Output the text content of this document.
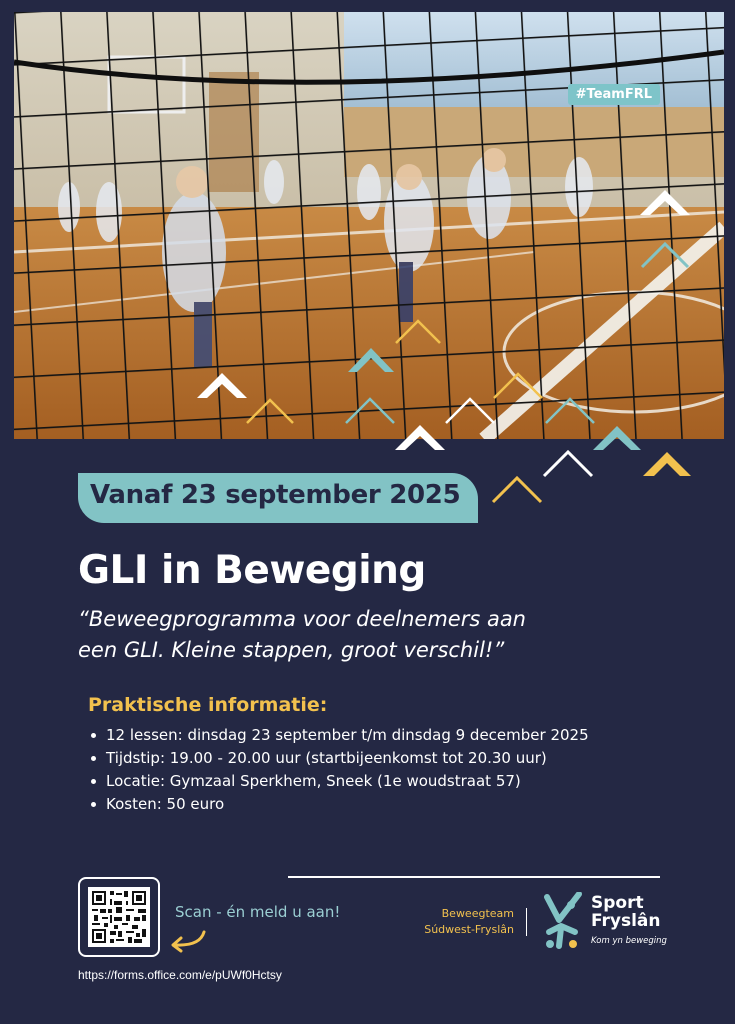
#TeamFRL
Vanaf 23 september 2025
GLI in Beweging
“Beweegprogramma voor deelnemers aan
een GLI. Kleine stappen, groot verschil!”
Praktische informatie:
12 lessen: dinsdag 23 september t/m dinsdag 9 december 2025
Tijdstip: 19.00 - 20.00 uur (startbijeenkomst tot 20.30 uur)
Locatie: Gymzaal Sperkhem, Sneek (1e woudstraat 57)
Kosten: 50 euro
Scan - én meld u aan!
https://forms.office.com/e/pUWf0Hctsy
Beweegteam
Súdwest-Fryslân
Sport
Fryslân
Kom yn beweging
